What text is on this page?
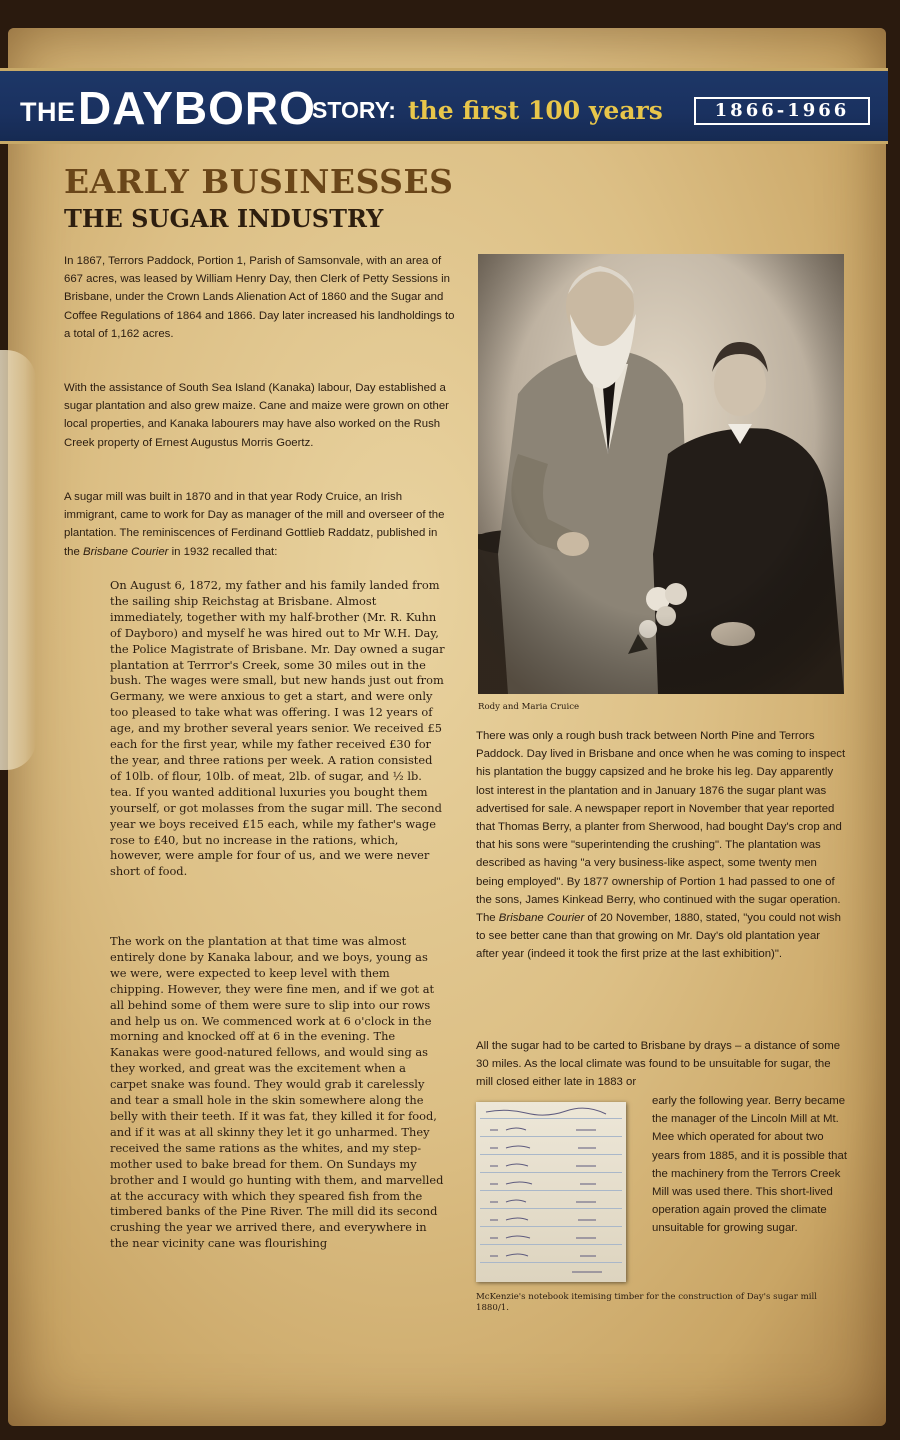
THE DAYBORO
STORY: the first 100 years	1866-1966
EARLY BUSINESSES
THE SUGAR INDUSTRY

In 1867, Terrors Paddock, Portion 1, Parish of Samsonvale, with an area of 667 acres, was leased by William Henry Day, then Clerk of Petty Sessions in Brisbane, under the Crown Lands Alienation Act of 1860 and the Sugar and Coffee Regulations of 1864 and 1866. Day later increased his landholdings to a total of 1,162 acres.

With the assistance of South Sea Island (Kanaka) labour, Day established a sugar plantation and also grew maize. Cane and maize were grown on other local properties, and Kanaka labourers may have also worked on the Rush Creek property of Ernest Augustus Morris Goertz.

A sugar mill was built in 1870 and in that year Rody Cruice, an Irish immigrant, came to work for Day as manager of the mill and overseer of the plantation. The reminiscences of Ferdinand Gottlieb Raddatz, published in the Brisbane Courier in 1932 recalled that:

On August 6, 1872, my father and his family landed from the sailing ship Reichstag at Brisbane. Almost immediately, together with my half-brother (Mr. R. Kuhn of Dayboro) and myself he was hired out to Mr W.H. Day, the Police Magistrate of Brisbane. Mr. Day owned a sugar plantation at Terrror's Creek, some 30 miles out in the bush. The wages were small, but new hands just out from Germany, we were anxious to get a start, and were only too pleased to take what was offering. I was 12 years of age, and my brother several years senior. We received £5 each for the first year, while my father received £30 for the year, and three rations per week. A ration consisted of 10lb. of flour, 10lb. of meat, 2lb. of sugar, and ½ lb. tea. If you wanted additional luxuries you bought them yourself, or got molasses from the sugar mill. The second year we boys received £15 each, while my father's wage rose to £40, but no increase in the rations, which, however, were ample for four of us, and we were never short of food.

The work on the plantation at that time was almost entirely done by Kanaka labour, and we boys, young as we were, were expected to keep level with them chipping. However, they were fine men, and if we got at all behind some of them were sure to slip into our rows and help us on. We commenced work at 6 o'clock in the morning and knocked off at 6 in the evening. The Kanakas were good-natured fellows, and would sing as they worked, and great was the excitement when a carpet snake was found. They would grab it carelessly and tear a small hole in the skin somewhere along the belly with their teeth. If it was fat, they killed it for food, and if it was at all skinny they let it go unharmed. They received the same rations as the whites, and my step-mother used to bake bread for them. On Sundays my brother and I would go hunting with them, and marvelled at the accuracy with which they speared fish from the timbered banks of the Pine River. The mill did its second crushing the year we arrived there, and everywhere in the near vicinity cane was flourishing

Rody and Maria Cruice

There was only a rough bush track between North Pine and Terrors Paddock. Day lived in Brisbane and once when he was coming to inspect his plantation the buggy capsized and he broke his leg. Day apparently lost interest in the plantation and in January 1876 the sugar plant was advertised for sale. A newspaper report in November that year reported that Thomas Berry, a planter from Sherwood, had bought Day's crop and that his sons were "superintending the crushing". The plantation was described as having "a very business-like aspect, some twenty men being employed". By 1877 ownership of Portion 1 had passed to one of the sons, James Kinkead Berry, who continued with the sugar operation. The Brisbane Courier of 20 November, 1880, stated, "you could not wish to see better cane than that growing on Mr. Day's old plantation year after year (indeed it took the first prize at the last exhibition)".

All the sugar had to be carted to Brisbane by drays – a distance of some 30 miles. As the local climate was found to be unsuitable for sugar, the mill closed either late in 1883 or

early the following year. Berry became the manager of the Lincoln Mill at Mt. Mee which operated for about two years from 1885, and it is possible that the machinery from the Terrors Creek Mill was used there. This short-lived operation again proved the climate unsuitable for growing sugar.

McKenzie's notebook itemising timber for the construction of Day's sugar mill 1880/1.
